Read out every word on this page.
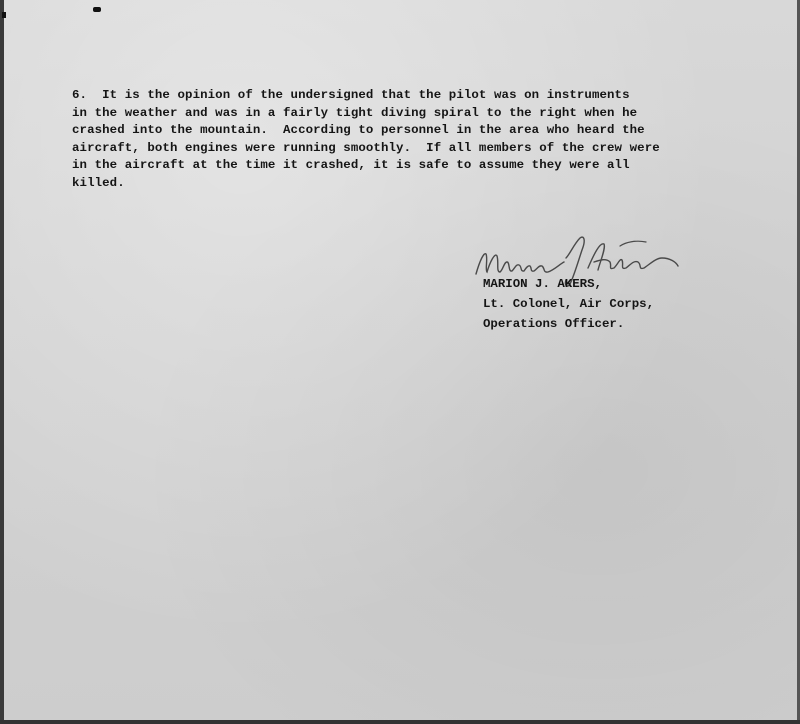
6.  It is the opinion of the undersigned that the pilot was on instruments
in the weather and was in a fairly tight diving spiral to the right when he
crashed into the mountain.  According to personnel in the area who heard the
aircraft, both engines were running smoothly.  If all members of the crew were
in the aircraft at the time it crashed, it is safe to assume they were all
killed.
MARION J. AKERS,
Lt. Colonel, Air Corps,
Operations Officer.
